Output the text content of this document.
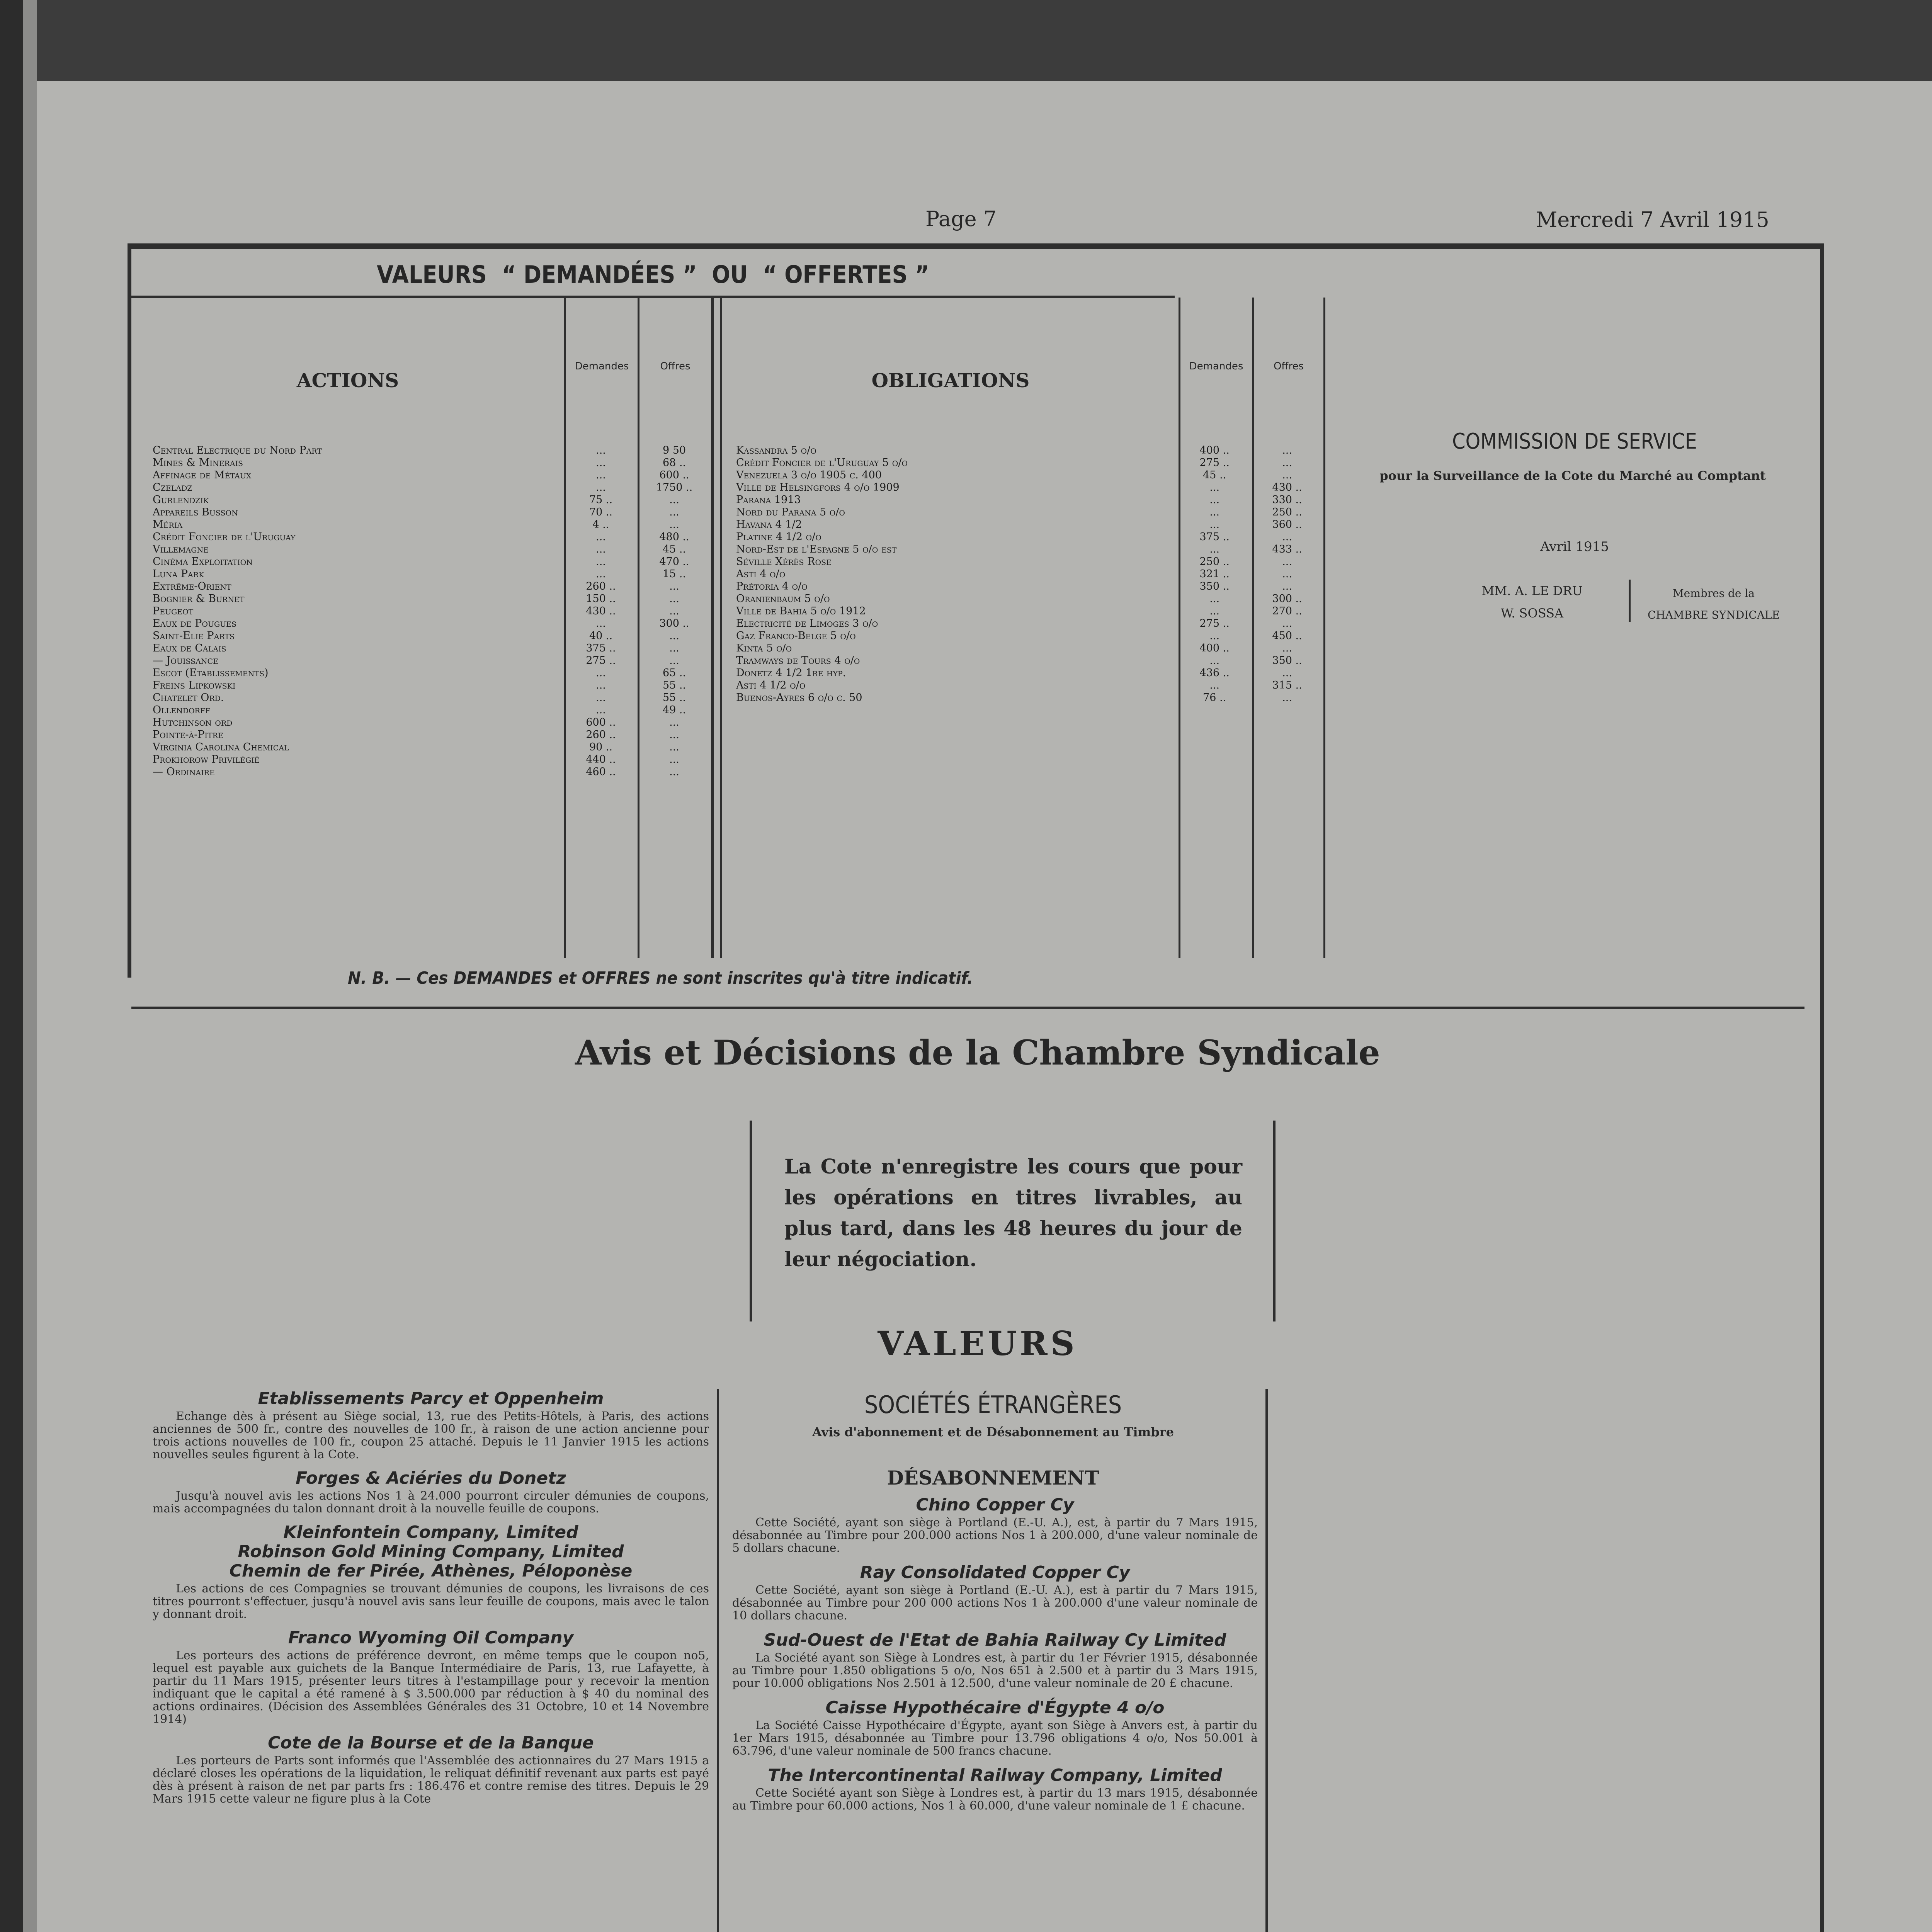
Page 7	Mercredi 7 Avril 1915
VALEURS  “ DEMANDÉES ”  OU  “ OFFERTES ”
ACTIONS
Demandes	Offres
OBLIGATIONS
Demandes	Offres
Central Electrique du Nord Part	...	9 50
Mines & Minerais	...	68 ..
Affinage de Métaux	...	600 ..
Czeladz	...	1750 ..
Gurlendzik	75 ..	...
Appareils Busson	70 ..	...
Méria	4 ..	...
Crédit Foncier de l'Uruguay	...	480 ..
Villemagne	...	45 ..
Cinéma Exploitation	...	470 ..
Luna Park	...	15 ..
Extrême-Orient	260 ..	...
Bognier & Burnet	150 ..	...
Peugeot	430 ..	...
Eaux de Pougues	...	300 ..
Saint-Elie Parts	40 ..	...
Eaux de Calais	375 ..	...
— Jouissance	275 ..	...
Escot (Etablissements)	...	65 ..
Freins Lipkowski	...	55 ..
Chatelet Ord.	...	55 ..
Ollendorff	...	49 ..
Hutchinson ord	600 ..	...
Pointe-à-Pitre	260 ..	...
Virginia Carolina Chemical	90 ..	...
Prokhorow Privilégié	440 ..	...
— Ordinaire	460 ..	...
Kassandra 5 o/o	400 ..	...
Crédit Foncier de l'Uruguay 5 o/o	275 ..	...
Venezuela 3 o/o 1905 c. 400	45 ..	...
Ville de Helsingfors 4 o/o 1909	...	430 ..
Parana 1913	...	330 ..
Nord du Parana 5 o/o	...	250 ..
Havana 4 1/2	...	360 ..
Platine 4 1/2 o/o	375 ..	...
Nord-Est de l'Espagne 5 o/o est	...	433 ..
Séville Xérès Rose	250 ..	...
Asti 4 o/o	321 ..	...
Prétoria 4 o/o	350 ..	...
Oranienbaum 5 o/o	...	300 ..
Ville de Bahia 5 o/o 1912	...	270 ..
Electricité de Limoges 3 o/o	275 ..	...
Gaz Franco-Belge 5 o/o	...	450 ..
Kinta 5 o/o	400 ..	...
Tramways de Tours 4 o/o	...	350 ..
Donetz 4 1/2 1re hyp.	436 ..	...
Asti 4 1/2 o/o	...	315 ..
Buenos-Ayres 6 o/o c. 50	76 ..	...
N. B. — Ces DEMANDES et OFFRES ne sont inscrites qu'à titre indicatif.
COMMISSION DE SERVICE
pour la Surveillance de la Cote du Marché au Comptant
Avril 1915
MM. A. LE DRU
W. SOSSA
Membres de la
CHAMBRE SYNDICALE
Avis et Décisions de la Chambre Syndicale
La Cote n'enregistre les cours que pour les opérations en titres livrables, au plus tard, dans les 48 heures du jour de leur négociation.
VALEURS
Etablissements Parcy et Oppenheim
Echange dès à présent au Siège social, 13, rue des Petits-Hôtels, à Paris, des actions anciennes de 500 fr., contre des nouvelles de 100 fr., à raison de une action ancienne pour trois actions nouvelles de 100 fr., coupon 25 attaché. Depuis le 11 Janvier 1915 les actions nouvelles seules figurent à la Cote.
Forges & Aciéries du Donetz
Jusqu'à nouvel avis les actions Nos 1 à 24.000 pourront circuler démunies de coupons, mais accompagnées du talon donnant droit à la nouvelle feuille de coupons.
Kleinfontein Company, Limited
Robinson Gold Mining Company, Limited
Chemin de fer Pirée, Athènes, Péloponèse
Les actions de ces Compagnies se trouvant démunies de coupons, les livraisons de ces titres pourront s'effectuer, jusqu'à nouvel avis sans leur feuille de coupons, mais avec le talon y donnant droit.
Franco Wyoming Oil Company
Les porteurs des actions de préférence devront, en même temps que le coupon no5, lequel est payable aux guichets de la Banque Intermédiaire de Paris, 13, rue Lafayette, à partir du 11 Mars 1915, présenter leurs titres à l'estampillage pour y recevoir la mention indiquant que le capital a été ramené à $ 3.500.000 par réduction à $ 40 du nominal des actions ordinaires. (Décision des Assemblées Générales des 31 Octobre, 10 et 14 Novembre 1914)
Cote de la Bourse et de la Banque
Les porteurs de Parts sont informés que l'Assemblée des actionnaires du 27 Mars 1915 a déclaré closes les opérations de la liquidation, le reliquat définitif revenant aux parts est payé dès à présent à raison de net par parts frs : 186.476 et contre remise des titres. Depuis le 29 Mars 1915 cette valeur ne figure plus à la Cote
SOCIÉTÉS ÉTRANGÈRES
Avis d'abonnement et de Désabonnement au Timbre
DÉSABONNEMENT
Chino Copper Cy
Cette Société, ayant son siège à Portland (E.-U. A.), est, à partir du 7 Mars 1915, désabonnée au Timbre pour 200.000 actions Nos 1 à 200.000, d'une valeur nominale de 5 dollars chacune.
Ray Consolidated Copper Cy
Cette Société, ayant son siège à Portland (E.-U. A.), est à partir du 7 Mars 1915, désabonnée au Timbre pour 200 000 actions Nos 1 à 200.000 d'une valeur nominale de 10 dollars chacune.
Sud-Ouest de l'Etat de Bahia Railway Cy Limited
La Société ayant son Siège à Londres est, à partir du 1er Février 1915, désabonnée au Timbre pour 1.850 obligations 5 o/o, Nos 651 à 2.500 et à partir du 3 Mars 1915, pour 10.000 obligations Nos 2.501 à 12.500, d'une valeur nominale de 20 £ chacune.
Caisse Hypothécaire d'Égypte 4 o/o
La Société Caisse Hypothécaire d'Égypte, ayant son Siège à Anvers est, à partir du 1er Mars 1915, désabonnée au Timbre pour 13.796 obligations 4 o/o, Nos 50.001 à 63.796, d'une valeur nominale de 500 francs chacune.
The Intercontinental Railway Company, Limited
Cette Société ayant son Siège à Londres est, à partir du 13 mars 1915, désabonnée au Timbre pour 60.000 actions, Nos 1 à 60.000, d'une valeur nominale de 1 £ chacune.
